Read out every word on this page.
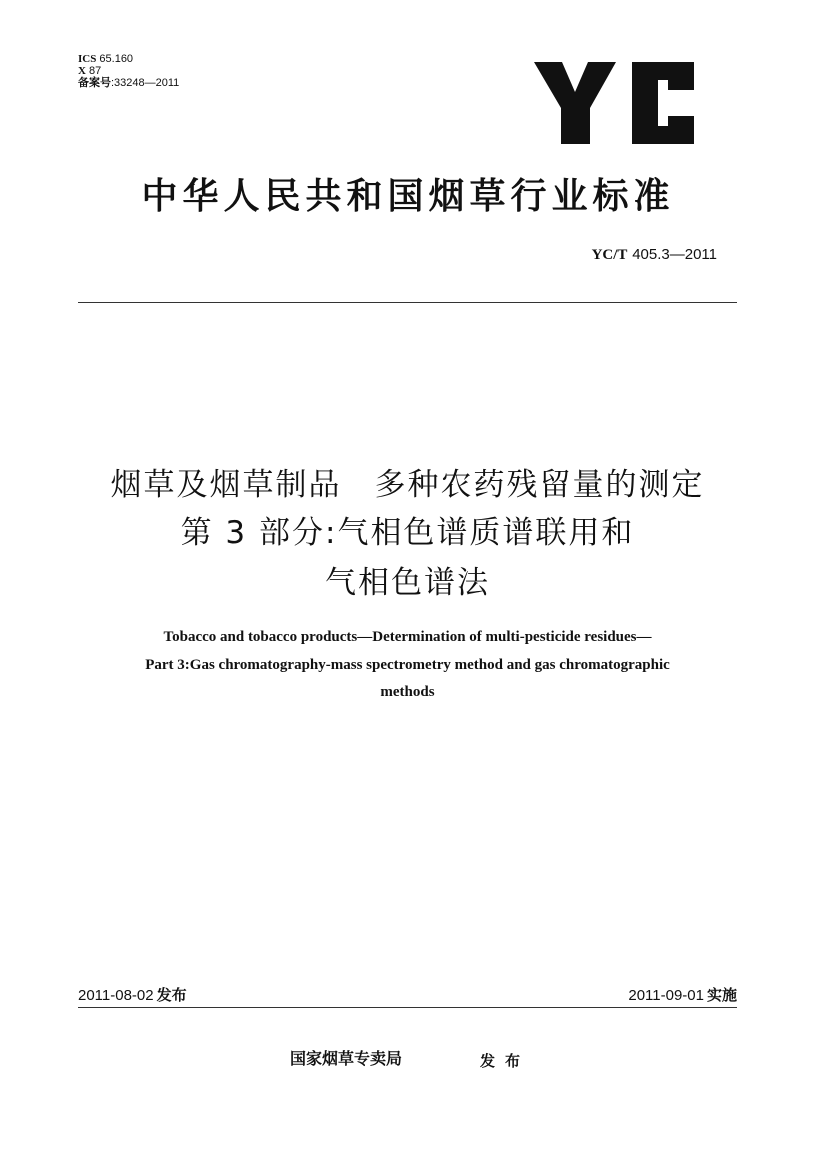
ICS 65.160
X 87
备案号:33248—2011
中华人民共和国烟草行业标准
YC/T 405.3—2011
烟草及烟草制品　多种农药残留量的测定
第 3 部分:气相色谱质谱联用和
气相色谱法
Tobacco and tobacco products—Determination of multi-pesticide residues—
Part 3:Gas chromatography-mass spectrometry method and gas chromatographic
methods
2011-08-02 发布	2011-09-01 实施
国家烟草专卖局	发布
